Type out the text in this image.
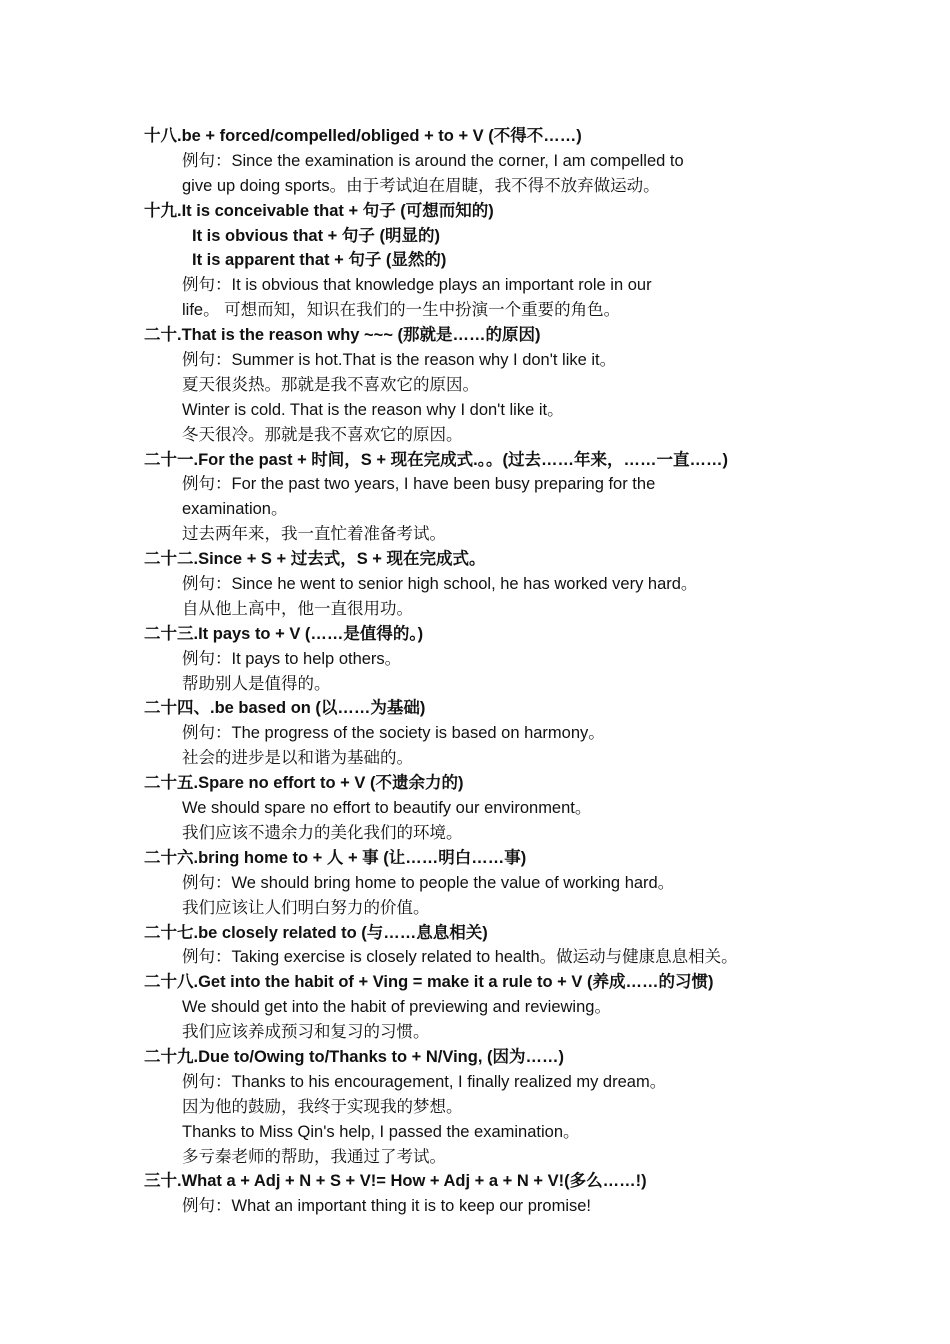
十八.be + forced/compelled/obliged + to + V (不得不……)
例句：Since the examination is around the corner, I am compelled to
give up doing sports。由于考试迫在眉睫，我不得不放弃做运动。
十九.It is conceivable that + 句子 (可想而知的)
It is obvious that + 句子 (明显的)
It is apparent that + 句子 (显然的)
例句：It is obvious that knowledge plays an important role in our
life。 可想而知，知识在我们的一生中扮演一个重要的角色。
二十.That is the reason why ~~~ (那就是……的原因)
例句：Summer is hot.That is the reason why I don't like it。
夏天很炎热。那就是我不喜欢它的原因。
Winter is cold. That is the reason why I don't like it。
冬天很冷。那就是我不喜欢它的原因。
二十一.For the past + 时间，S + 现在完成式.。。(过去……年来，……一直……)
例句：For the past two years, I have been busy preparing for the
examination。
过去两年来，我一直忙着准备考试。
二十二.Since + S + 过去式，S + 现在完成式。
例句：Since he went to senior high school, he has worked very hard。
自从他上高中，他一直很用功。
二十三.It pays to + V (……是值得的。)
例句：It pays to help others。
帮助别人是值得的。
二十四、.be based on (以……为基础)
例句：The progress of the society is based on harmony。
社会的进步是以和谐为基础的。
二十五.Spare no effort to + V (不遗余力的)
We should spare no effort to beautify our environment。
我们应该不遗余力的美化我们的环境。
二十六.bring home to + 人 + 事 (让……明白……事)
例句：We should bring home to people the value of working hard。
我们应该让人们明白努力的价值。
二十七.be closely related to (与……息息相关)
例句：Taking exercise is closely related to health。做运动与健康息息相关。
二十八.Get into the habit of + Ving = make it a rule to + V (养成……的习惯)
We should get into the habit of previewing and reviewing。
我们应该养成预习和复习的习惯。
二十九.Due to/Owing to/Thanks to + N/Ving, (因为……)
例句：Thanks to his encouragement, I finally realized my dream。
因为他的鼓励，我终于实现我的梦想。
Thanks to Miss Qin's help, I passed the examination。
多亏秦老师的帮助，我通过了考试。
三十.What a + Adj + N + S + V!= How + Adj + a + N + V!(多么……!)
例句：What an important thing it is to keep our promise!
